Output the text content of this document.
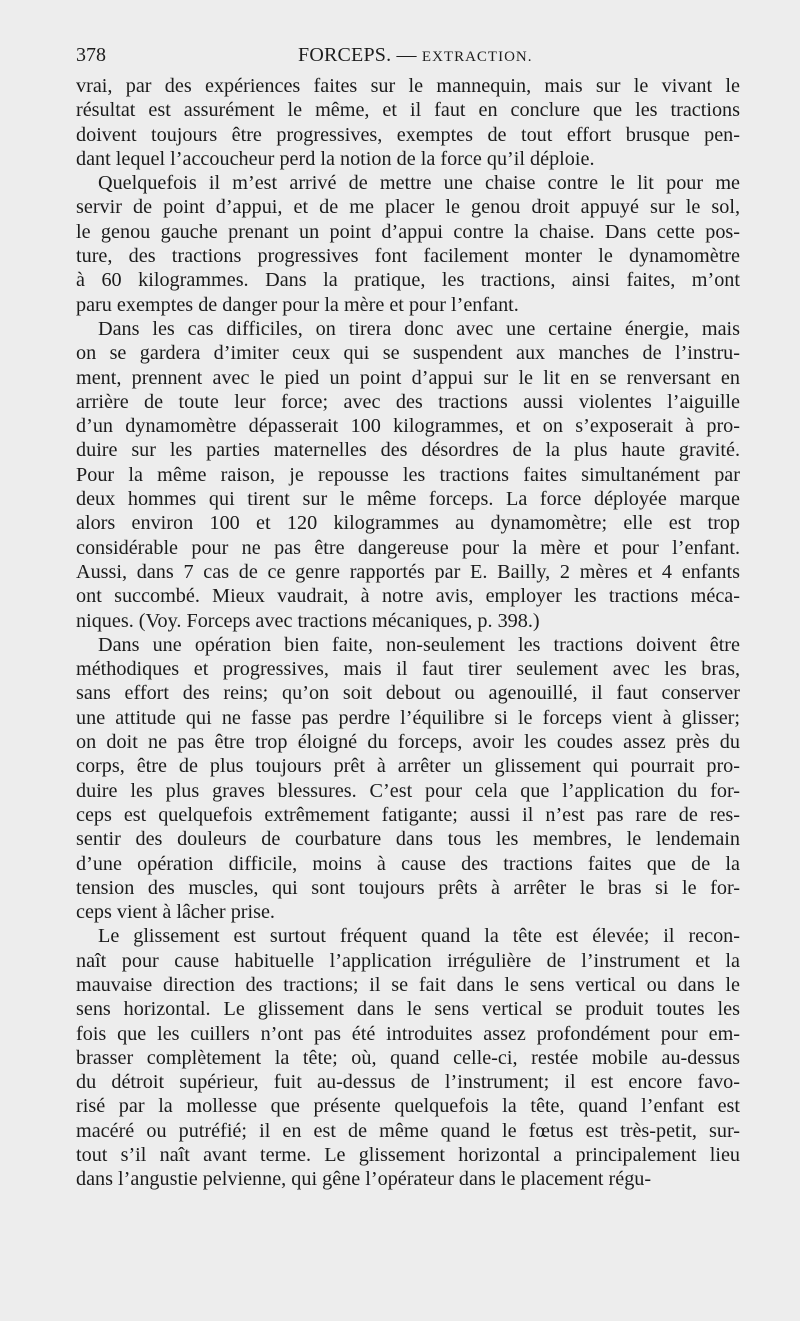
378	FORCEPS. — EXTRACTION.
vrai, par des expériences faites sur le mannequin, mais sur le vivant le
résultat est assurément le même, et il faut en conclure que les tractions
doivent toujours être progressives, exemptes de tout effort brusque pen-
dant lequel l’accoucheur perd la notion de la force qu’il déploie.
Quelquefois il m’est arrivé de mettre une chaise contre le lit pour me
servir de point d’appui, et de me placer le genou droit appuyé sur le sol,
le genou gauche prenant un point d’appui contre la chaise. Dans cette pos-
ture, des tractions progressives font facilement monter le dynamomètre
à 60 kilogrammes. Dans la pratique, les tractions, ainsi faites, m’ont
paru exemptes de danger pour la mère et pour l’enfant.
Dans les cas difficiles, on tirera donc avec une certaine énergie, mais
on se gardera d’imiter ceux qui se suspendent aux manches de l’instru-
ment, prennent avec le pied un point d’appui sur le lit en se renversant en
arrière de toute leur force; avec des tractions aussi violentes l’aiguille
d’un dynamomètre dépasserait 100 kilogrammes, et on s’exposerait à pro-
duire sur les parties maternelles des désordres de la plus haute gravité.
Pour la même raison, je repousse les tractions faites simultanément par
deux hommes qui tirent sur le même forceps. La force déployée marque
alors environ 100 et 120 kilogrammes au dynamomètre; elle est trop
considérable pour ne pas être dangereuse pour la mère et pour l’enfant.
Aussi, dans 7 cas de ce genre rapportés par E. Bailly, 2 mères et 4 enfants
ont succombé. Mieux vaudrait, à notre avis, employer les tractions méca-
niques. (Voy. Forceps avec tractions mécaniques, p. 398.)
Dans une opération bien faite, non-seulement les tractions doivent être
méthodiques et progressives, mais il faut tirer seulement avec les bras,
sans effort des reins; qu’on soit debout ou agenouillé, il faut conserver
une attitude qui ne fasse pas perdre l’équilibre si le forceps vient à glisser;
on doit ne pas être trop éloigné du forceps, avoir les coudes assez près du
corps, être de plus toujours prêt à arrêter un glissement qui pourrait pro-
duire les plus graves blessures. C’est pour cela que l’application du for-
ceps est quelquefois extrêmement fatigante; aussi il n’est pas rare de res-
sentir des douleurs de courbature dans tous les membres, le lendemain
d’une opération difficile, moins à cause des tractions faites que de la
tension des muscles, qui sont toujours prêts à arrêter le bras si le for-
ceps vient à lâcher prise.
Le glissement est surtout fréquent quand la tête est élevée; il recon-
naît pour cause habituelle l’application irrégulière de l’instrument et la
mauvaise direction des tractions; il se fait dans le sens vertical ou dans le
sens horizontal. Le glissement dans le sens vertical se produit toutes les
fois que les cuillers n’ont pas été introduites assez profondément pour em-
brasser complètement la tête; où, quand celle-ci, restée mobile au-dessus
du détroit supérieur, fuit au-dessus de l’instrument; il est encore favo-
risé par la mollesse que présente quelquefois la tête, quand l’enfant est
macéré ou putréfié; il en est de même quand le fœtus est très-petit, sur-
tout s’il naît avant terme. Le glissement horizontal a principalement lieu
dans l’angustie pelvienne, qui gêne l’opérateur dans le placement régu-
